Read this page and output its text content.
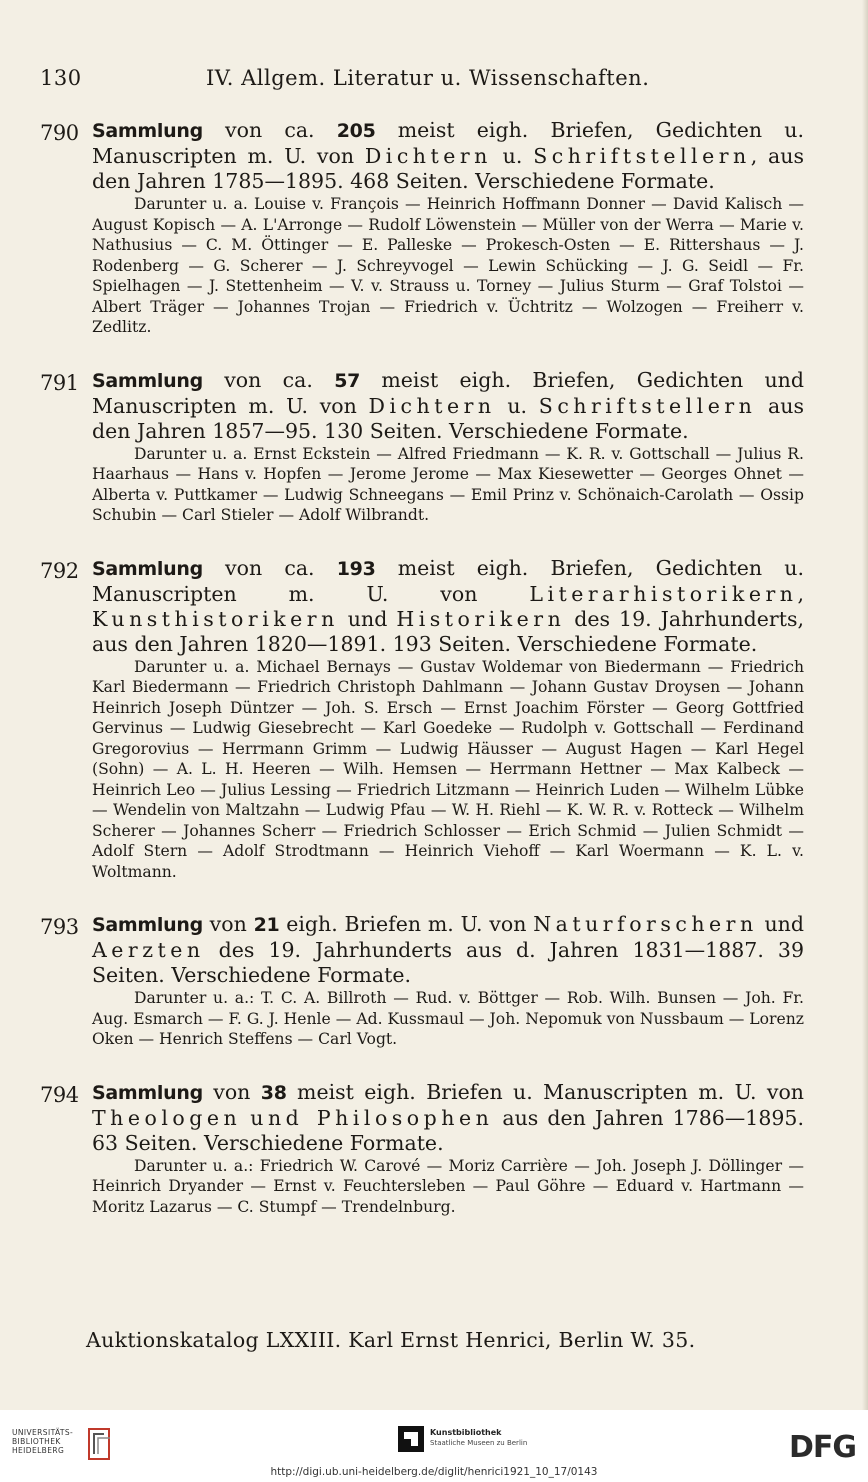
130	IV. Allgem. Literatur u. Wissenschaften.
790 Sammlung von ca. 205 meist eigh. Briefen, Gedichten u. Manuscripten m. U. von Dichtern u. Schriftstellern, aus den Jahren 1785—1895. 468 Seiten. Verschiedene Formate.
Darunter u. a. Louise v. François — Heinrich Hoffmann Donner — David Kalisch — August Kopisch — A. L'Arronge — Rudolf Löwenstein — Müller von der Werra — Marie v. Nathusius — C. M. Öttinger — E. Palleske — Prokesch-Osten — E. Rittershaus — J. Rodenberg — G. Scherer — J. Schreyvogel — Lewin Schücking — J. G. Seidl — Fr. Spielhagen — J. Stettenheim — V. v. Strauss u. Torney — Julius Sturm — Graf Tolstoi — Albert Träger — Johannes Trojan — Friedrich v. Üchtritz — Wolzogen — Freiherr v. Zedlitz.
791 Sammlung von ca. 57 meist eigh. Briefen, Gedichten und Manuscripten m. U. von Dichtern u. Schriftstellern aus den Jahren 1857—95. 130 Seiten. Verschiedene Formate.
Darunter u. a. Ernst Eckstein — Alfred Friedmann — K. R. v. Gottschall — Julius R. Haarhaus — Hans v. Hopfen — Jerome Jerome — Max Kiesewetter — Georges Ohnet — Alberta v. Puttkamer — Ludwig Schneegans — Emil Prinz v. Schönaich-Carolath — Ossip Schubin — Carl Stieler — Adolf Wilbrandt.
792 Sammlung von ca. 193 meist eigh. Briefen, Gedichten u. Manuscripten m. U. von Literarhistorikern, Kunsthistorikern und Historikern des 19. Jahrhunderts, aus den Jahren 1820—1891. 193 Seiten. Verschiedene Formate.
Darunter u. a. Michael Bernays — Gustav Woldemar von Biedermann — Friedrich Karl Biedermann — Friedrich Christoph Dahlmann — Johann Gustav Droysen — Johann Heinrich Joseph Düntzer — Joh. S. Ersch — Ernst Joachim Förster — Georg Gottfried Gervinus — Ludwig Giesebrecht — Karl Goedeke — Rudolph v. Gottschall — Ferdinand Gregorovius — Herrmann Grimm — Ludwig Häusser — August Hagen — Karl Hegel (Sohn) — A. L. H. Heeren — Wilh. Hemsen — Herrmann Hettner — Max Kalbeck — Heinrich Leo — Julius Lessing — Friedrich Litzmann — Heinrich Luden — Wilhelm Lübke — Wendelin von Maltzahn — Ludwig Pfau — W. H. Riehl — K. W. R. v. Rotteck — Wilhelm Scherer — Johannes Scherr — Friedrich Schlosser — Erich Schmid — Julien Schmidt — Adolf Stern — Adolf Strodtmann — Heinrich Viehoff — Karl Woermann — K. L. v. Woltmann.
793 Sammlung von 21 eigh. Briefen m. U. von Naturforschern und Aerzten des 19. Jahrhunderts aus d. Jahren 1831—1887. 39 Seiten. Verschiedene Formate.
Darunter u. a.: T. C. A. Billroth — Rud. v. Böttger — Rob. Wilh. Bunsen — Joh. Fr. Aug. Esmarch — F. G. J. Henle — Ad. Kussmaul — Joh. Nepomuk von Nussbaum — Lorenz Oken — Henrich Steffens — Carl Vogt.
794 Sammlung von 38 meist eigh. Briefen u. Manuscripten m. U. von Theologen und Philosophen aus den Jahren 1786—1895. 63 Seiten. Verschiedene Formate.
Darunter u. a.: Friedrich W. Carové — Moriz Carrière — Joh. Joseph J. Döllinger — Heinrich Dryander — Ernst v. Feuchtersleben — Paul Göhre — Eduard v. Hartmann — Moritz Lazarus — C. Stumpf — Trendelnburg.
Auktionskatalog LXXIII. Karl Ernst Henrici, Berlin W. 35.
UNIVERSITÄTS-
BIBLIOTHEK
HEIDELBERG
Kunstbibliothek
Staatliche Museen zu Berlin	DFG
http://digi.ub.uni-heidelberg.de/diglit/henrici1921_10_17/0143
